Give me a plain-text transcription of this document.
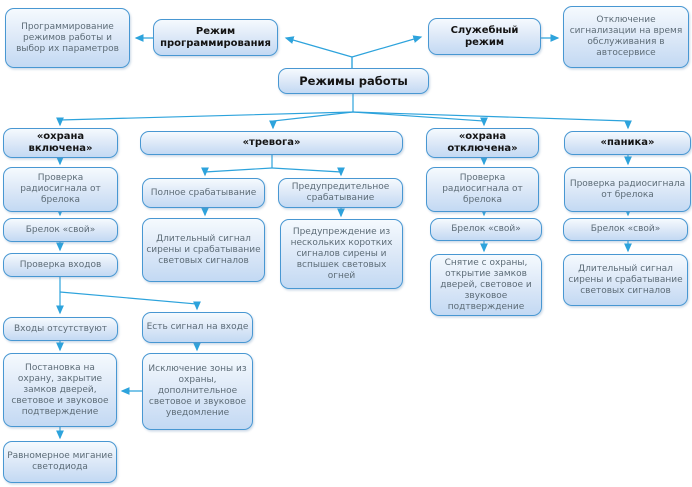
Программирование режимов работы и выбор их параметров
Режим программирования
Служебный режим
Отключение сигнализации на время обслуживания в автосервисе
Режимы работы
«охрана включена»
«тревога»
«охрана отключена»
«паника»
Проверка радиосигнала от брелока
Брелок «свой»
Проверка входов
Входы отсутствуют
Постановка на охрану, закрытие замков дверей, световое и звуковое подтверждение
Равномерное мигание светодиода
Есть сигнал на входе
Исключение зоны из охраны, дополнительное световое и звуковое уведомление
Полное срабатывание
Предупредительное срабатывание
Длительный сигнал сирены и срабатывание световых сигналов
Предупреждение из нескольких коротких сигналов сирены и вспышек световых огней
Проверка радиосигнала от брелока
Брелок «свой»
Снятие с охраны, открытие замков дверей, световое и звуковое подтверждение
Проверка радиосигнала от брелока
Брелок «свой»
Длительный сигнал сирены и срабатывание световых сигналов
